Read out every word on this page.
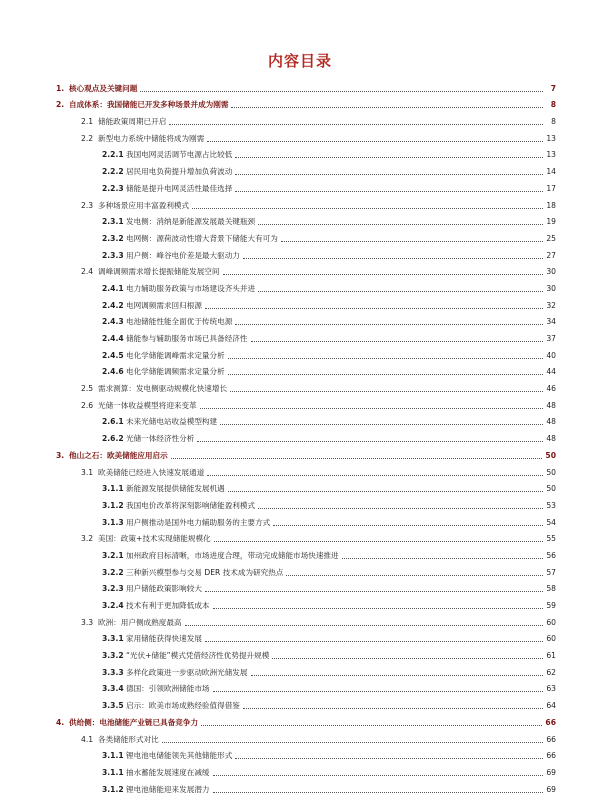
内容目录
1. 核心观点及关键问题	7
2. 自成体系：我国储能已开发多种场景并成为刚需	8
2.1 储能政策周期已开启	8
2.2 新型电力系统中储能将成为刚需	13
2.2.1 我国电网灵活调节电源占比较低	13
2.2.2 居民用电负荷提升增加负荷波动	14
2.2.3 储能是提升电网灵活性最佳选择	17
2.3 多种场景应用丰富盈利模式	18
2.3.1 发电侧：消纳是新能源发展最关键瓶颈	19
2.3.2 电网侧：源荷波动性增大背景下储能大有可为	25
2.3.3 用户侧：峰谷电价差是最大驱动力	27
2.4 调峰调频需求增长提振储能发展空间	30
2.4.1 电力辅助服务政策与市场建设齐头并进	30
2.4.2 电网调频需求回归根源	32
2.4.3 电池储能性能全面优于传统电源	34
2.4.4 储能参与辅助服务市场已具备经济性	37
2.4.5 电化学储能调峰需求定量分析	40
2.4.6 电化学储能调频需求定量分析	44
2.5 需求测算：发电侧驱动规模化快速增长	46
2.6 光储一体收益模型将迎来变革	48
2.6.1 未来光储电站收益模型构建	48
2.6.2 光储一体经济性分析	48
3. 他山之石：欧美储能应用启示	50
3.1 欧美储能已经进入快速发展通道	50
3.1.1 新能源发展提供储能发展机遇	50
3.1.2 我国电价改革将深刻影响储能盈利模式	53
3.1.3 用户侧推动是国外电力辅助服务的主要方式	54
3.2 美国：政策+技术实现储能规模化	55
3.2.1 加州政府目标清晰，市场进度合理，带动完成储能市场快速推进	56
3.2.2 三种新兴模型参与交易 DER 技术成为研究热点	57
3.2.3 用户储能政策影响较大	58
3.2.4 技术有利于更加降低成本	59
3.3 欧洲：用户侧成熟度最高	60
3.3.1 家用储能获得快速发展	60
3.3.2 “光伏+储能”模式凭借经济性优势提升规模	61
3.3.3 多样化政策进一步驱动欧洲光储发展	62
3.3.4 德国：引领欧洲储能市场	63
3.3.5 启示：欧美市场成熟经验值得借鉴	64
4. 供给侧：电池储能产业链已具备竞争力	66
4.1 各类储能形式对比	66
3.1.1 锂电池电储能领先其他储能形式	66
3.1.1 抽水蓄能发展速度在减缓	69
3.1.2 锂电池储能迎来发展潜力	69
